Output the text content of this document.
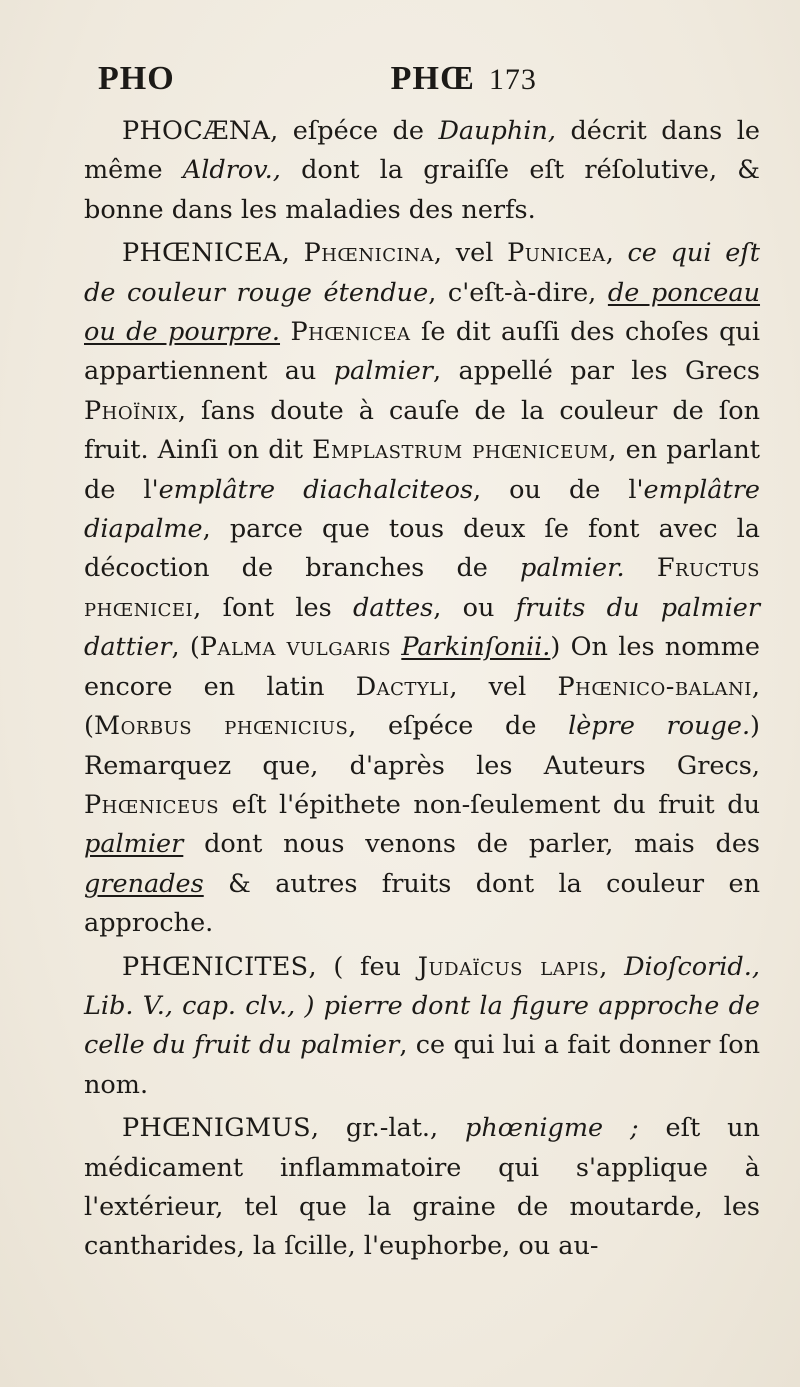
PHO	PHŒ 173

PHOCÆNA, eſpéce de Dauphin, décrit dans le même Aldrov., dont la graiſſe eſt réſolutive, & bonne dans les maladies des nerfs.

PHŒNICEA, Phœnicina, vel Punicea, ce qui eſt de couleur rouge étendue, c'eſt-à-dire, de ponceau ou de pourpre. Phœnicea ſe dit auſſi des choſes qui appartiennent au palmier, appellé par les Grecs Phoïnix, ſans doute à cauſe de la couleur de ſon fruit. Ainſi on dit Emplastrum phœniceum, en parlant de l'emplâtre diachalciteos, ou de l'emplâtre diapalme, parce que tous deux ſe font avec la décoction de branches de palmier. Fructus phœnicei, ſont les dattes, ou fruits du palmier dattier, (Palma vulgaris Parkinſonii.) On les nomme encore en latin Dactyli, vel Phœnico-balani, (Morbus phœnicius, eſpéce de lèpre rouge.) Remarquez que, d'après les Auteurs Grecs, Phœniceus eſt l'épithete non-ſeulement du fruit du palmier dont nous venons de parler, mais des grenades & autres fruits dont la couleur en approche.

PHŒNICITES, ( feu Judaïcus lapis, Dioſcorid., Lib. V., cap. clv., ) pierre dont la figure approche de celle du fruit du palmier, ce qui lui a fait donner ſon nom.

PHŒNIGMUS, gr.-lat., phœnigme ; eſt un médicament inflammatoire qui s'applique à l'extérieur, tel que la graine de moutarde, les cantharides, la ſcille, l'euphorbe, ou au-
